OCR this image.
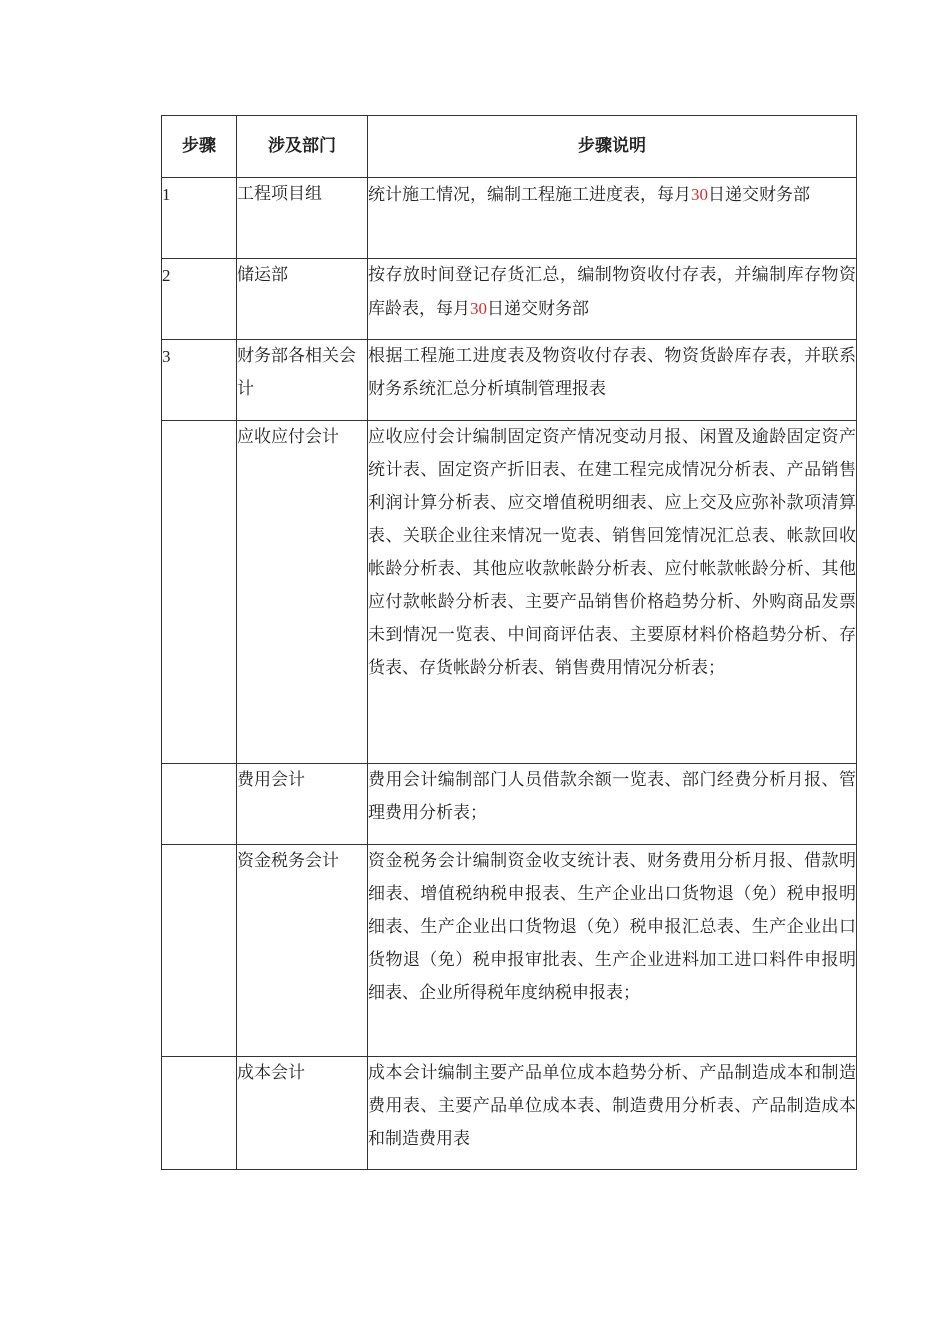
步骤	涉及部门	步骤说明
1	工程项目组	统计施工情况，编制工程施工进度表，每月30日递交财务部
2	储运部	按存放时间登记存货汇总，编制物资收付存表，并编制库存物资库龄表，每月30日递交财务部
3	财务部各相关会计	根据工程施工进度表及物资收付存表、物资货龄库存表，并联系财务系统汇总分析填制管理报表
	应收应付会计	应收应付会计编制固定资产情况变动月报、闲置及逾龄固定资产统计表、固定资产折旧表、在建工程完成情况分析表、产品销售利润计算分析表、应交增值税明细表、应上交及应弥补款项清算表、关联企业往来情况一览表、销售回笼情况汇总表、帐款回收帐龄分析表、其他应收款帐龄分析表、应付帐款帐龄分析、其他应付款帐龄分析表、主要产品销售价格趋势分析、外购商品发票未到情况一览表、中间商评估表、主要原材料价格趋势分析、存货表、存货帐龄分析表、销售费用情况分析表；
	费用会计	费用会计编制部门人员借款余额一览表、部门经费分析月报、管理费用分析表；
	资金税务会计	资金税务会计编制资金收支统计表、财务费用分析月报、借款明细表、增值税纳税申报表、生产企业出口货物退（免）税申报明细表、生产企业出口货物退（免）税申报汇总表、生产企业出口货物退（免）税申报审批表、生产企业进料加工进口料件申报明细表、企业所得税年度纳税申报表；
	成本会计	成本会计编制主要产品单位成本趋势分析、产品制造成本和制造费用表、主要产品单位成本表、制造费用分析表、产品制造成本和制造费用表
